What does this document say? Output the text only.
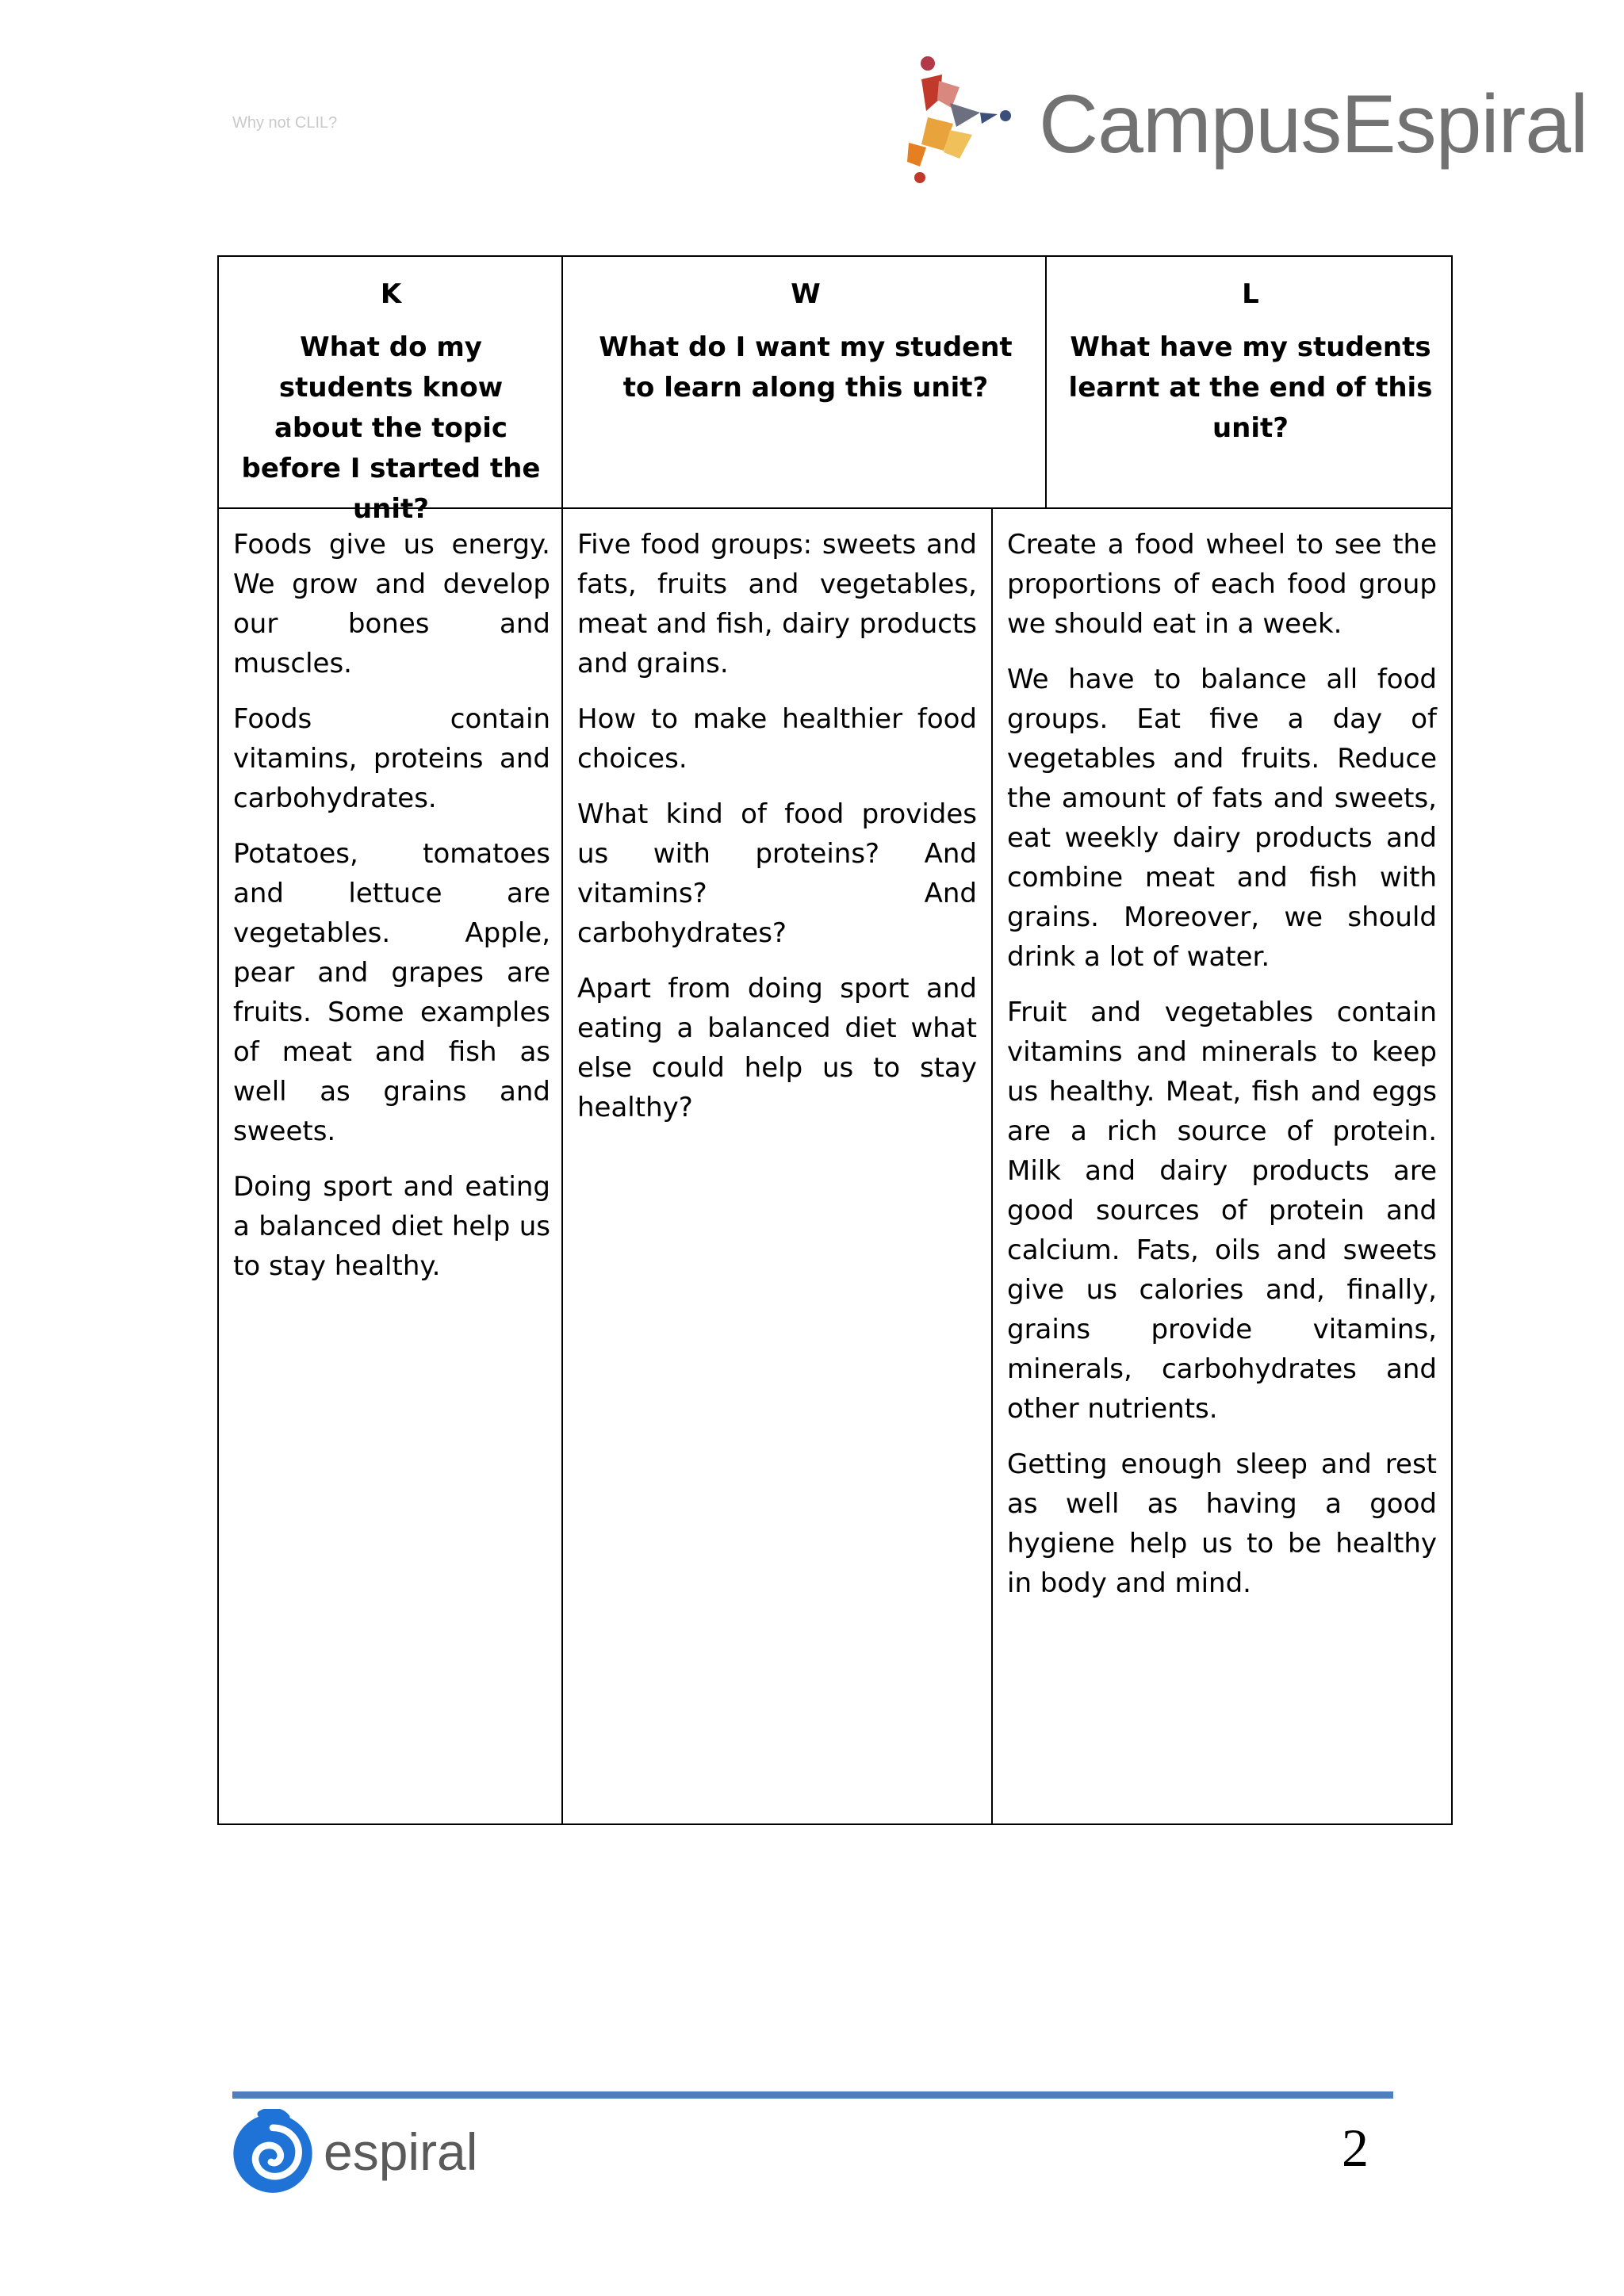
Why not CLIL?	CampusEspiral
K
What do my students know about the topic before I started the unit?
W
What do I want my student to learn along this unit?
L
What have my students learnt at the end of this unit?

Foods give us energy. We grow and develop our bones and muscles.

Foods contain vitamins, proteins and carbohydrates.

Potatoes, tomatoes and lettuce are vegetables. Apple, pear and grapes are fruits. Some examples of meat and fish as well as grains and sweets.

Doing sport and eating a balanced diet help us to stay healthy.

Five food groups: sweets and fats, fruits and vegetables, meat and fish, dairy products and grains.

How to make healthier food choices.

What kind of food provides us with proteins? And vitamins? And carbohydrates?

Apart from doing sport and eating a balanced diet what else could help us to stay healthy?

Create a food wheel to see the proportions of each food group we should eat in a week.

We have to balance all food groups. Eat five a day of vegetables and fruits. Reduce the amount of fats and sweets, eat weekly dairy products and combine meat and fish with grains. Moreover, we should drink a lot of water.

Fruit and vegetables contain vitamins and minerals to keep us healthy. Meat, fish and eggs are a rich source of protein. Milk and dairy products are good sources of protein and calcium. Fats, oils and sweets give us calories and, finally, grains provide vitamins, minerals, carbohydrates and other nutrients.

Getting enough sleep and rest as well as having a good hygiene help us to be healthy in body and mind.

espiral	2
